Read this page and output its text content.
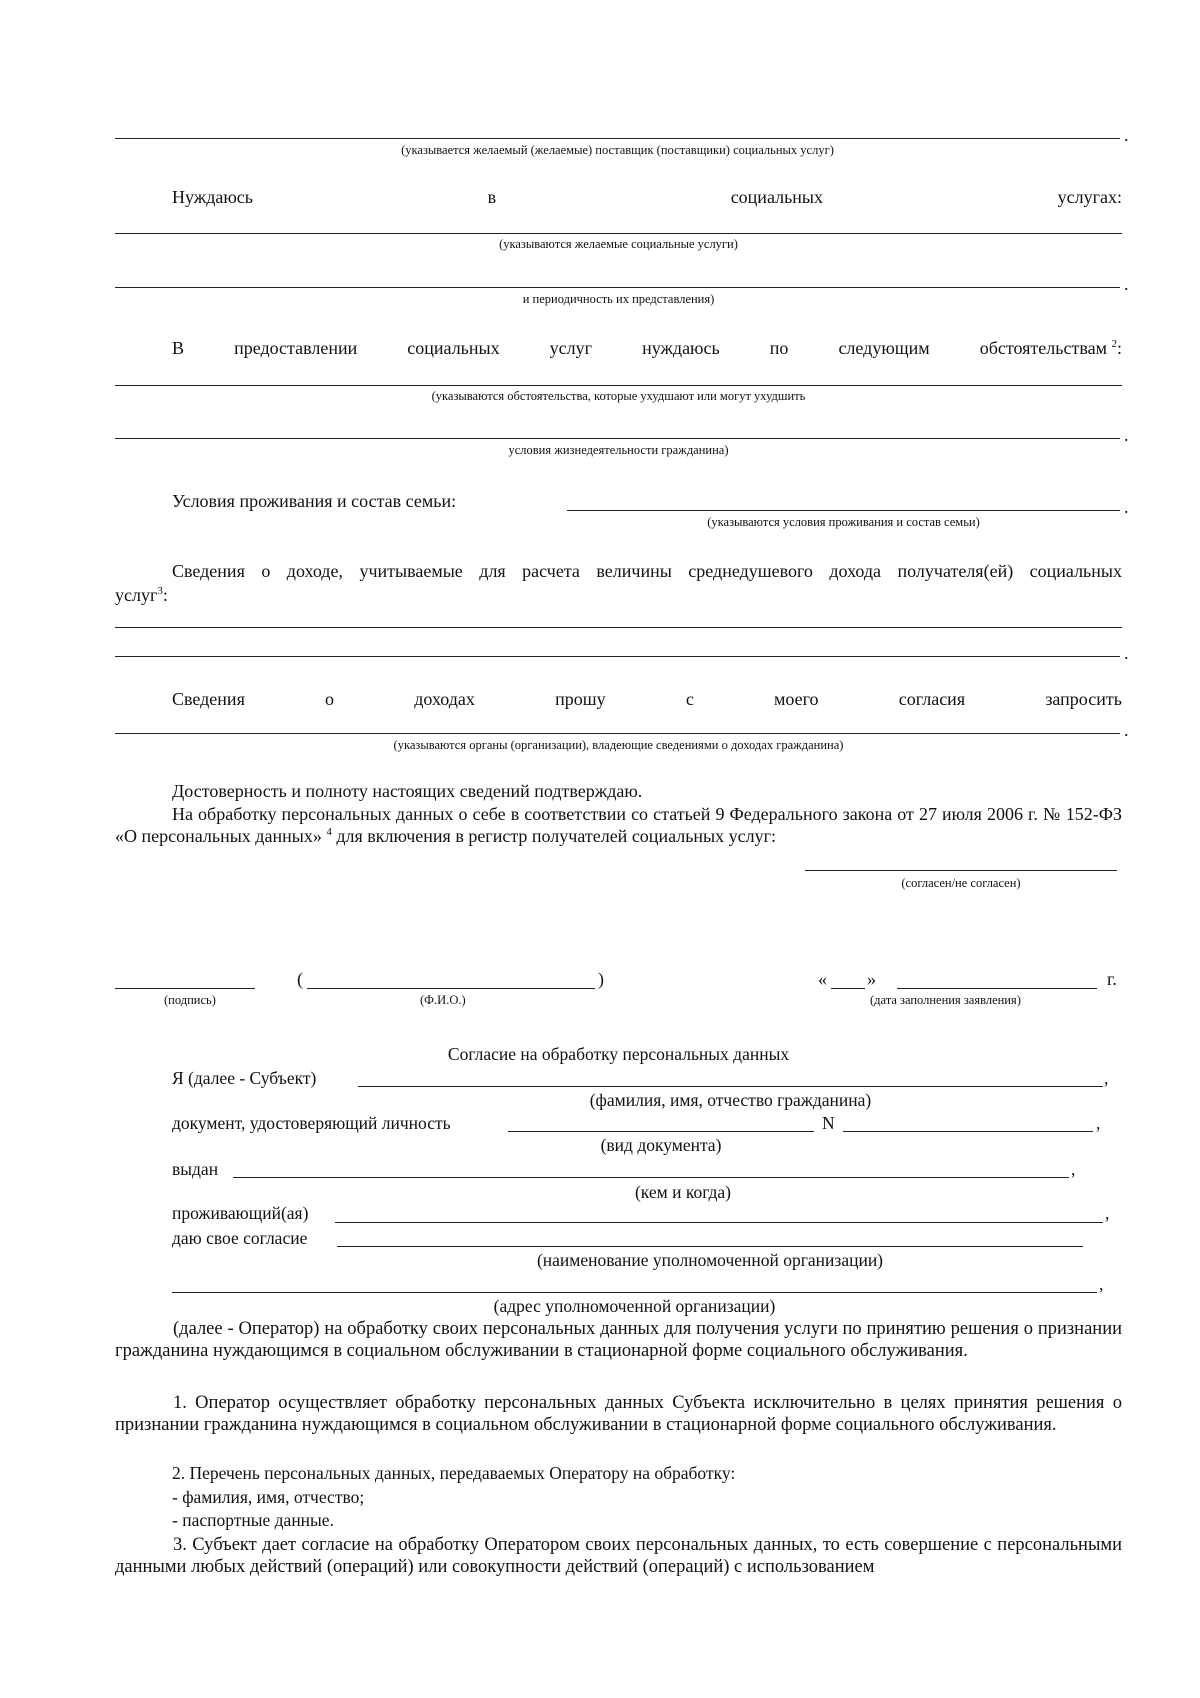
.
(указывается желаемый (желаемые) поставщик (поставщики) социальных услуг)
Нуждаюсь	в	социальных	услугах:
(указываются желаемые социальные услуги)
.
и периодичность их представления)
В	предоставлении	социальных	услуг	нуждаюсь	по	следующим	обстоятельствам $^2$:
(указываются обстоятельства, которые ухудшают или могут ухудшить
.
условия жизнедеятельности гражданина)
Условия проживания и состав семьи:	.
(указываются условия проживания и состав семьи)
Сведения о доходе, учитываемые для расчета величины среднедушевого дохода получателя(ей) социальных
услуг$^3$:
.
Сведения	о	доходах	прошу	с	моего	согласия	запросить
.
(указываются органы (организации), владеющие сведениями о доходах гражданина)
Достоверность и полноту настоящих сведений подтверждаю.
На обработку персональных данных о себе в соответствии со статьей 9 Федерального закона от 27 июля 2006 г. № 152-ФЗ «О персональных данных» $^4$ для включения в регистр получателей социальных услуг:
(согласен/не согласен)
(	)	« »	г.
(подпись)	(Ф.И.О.)	(дата заполнения заявления)
Согласие на обработку персональных данных
Я (далее - Субъект)	,
(фамилия, имя, отчество гражданина)
документ, удостоверяющий личность	N	,
(вид документа)
выдан	,
(кем и когда)
проживающий(ая)	,
даю свое согласие
(наименование уполномоченной организации)
,
(адрес уполномоченной организации)
(далее - Оператор) на обработку своих персональных данных для получения услуги по принятию решения о признании гражданина нуждающимся в социальном обслуживании в стационарной форме социального обслуживания.
1. Оператор осуществляет обработку персональных данных Субъекта исключительно в целях принятия решения о признании гражданина нуждающимся в социальном обслуживании в стационарной форме социального обслуживания.
2. Перечень персональных данных, передаваемых Оператору на обработку:
- фамилия, имя, отчество;
- паспортные данные.
3. Субъект дает согласие на обработку Оператором своих персональных данных, то есть совершение с персональными данными любых действий (операций) или совокупности действий (операций) с использованием
